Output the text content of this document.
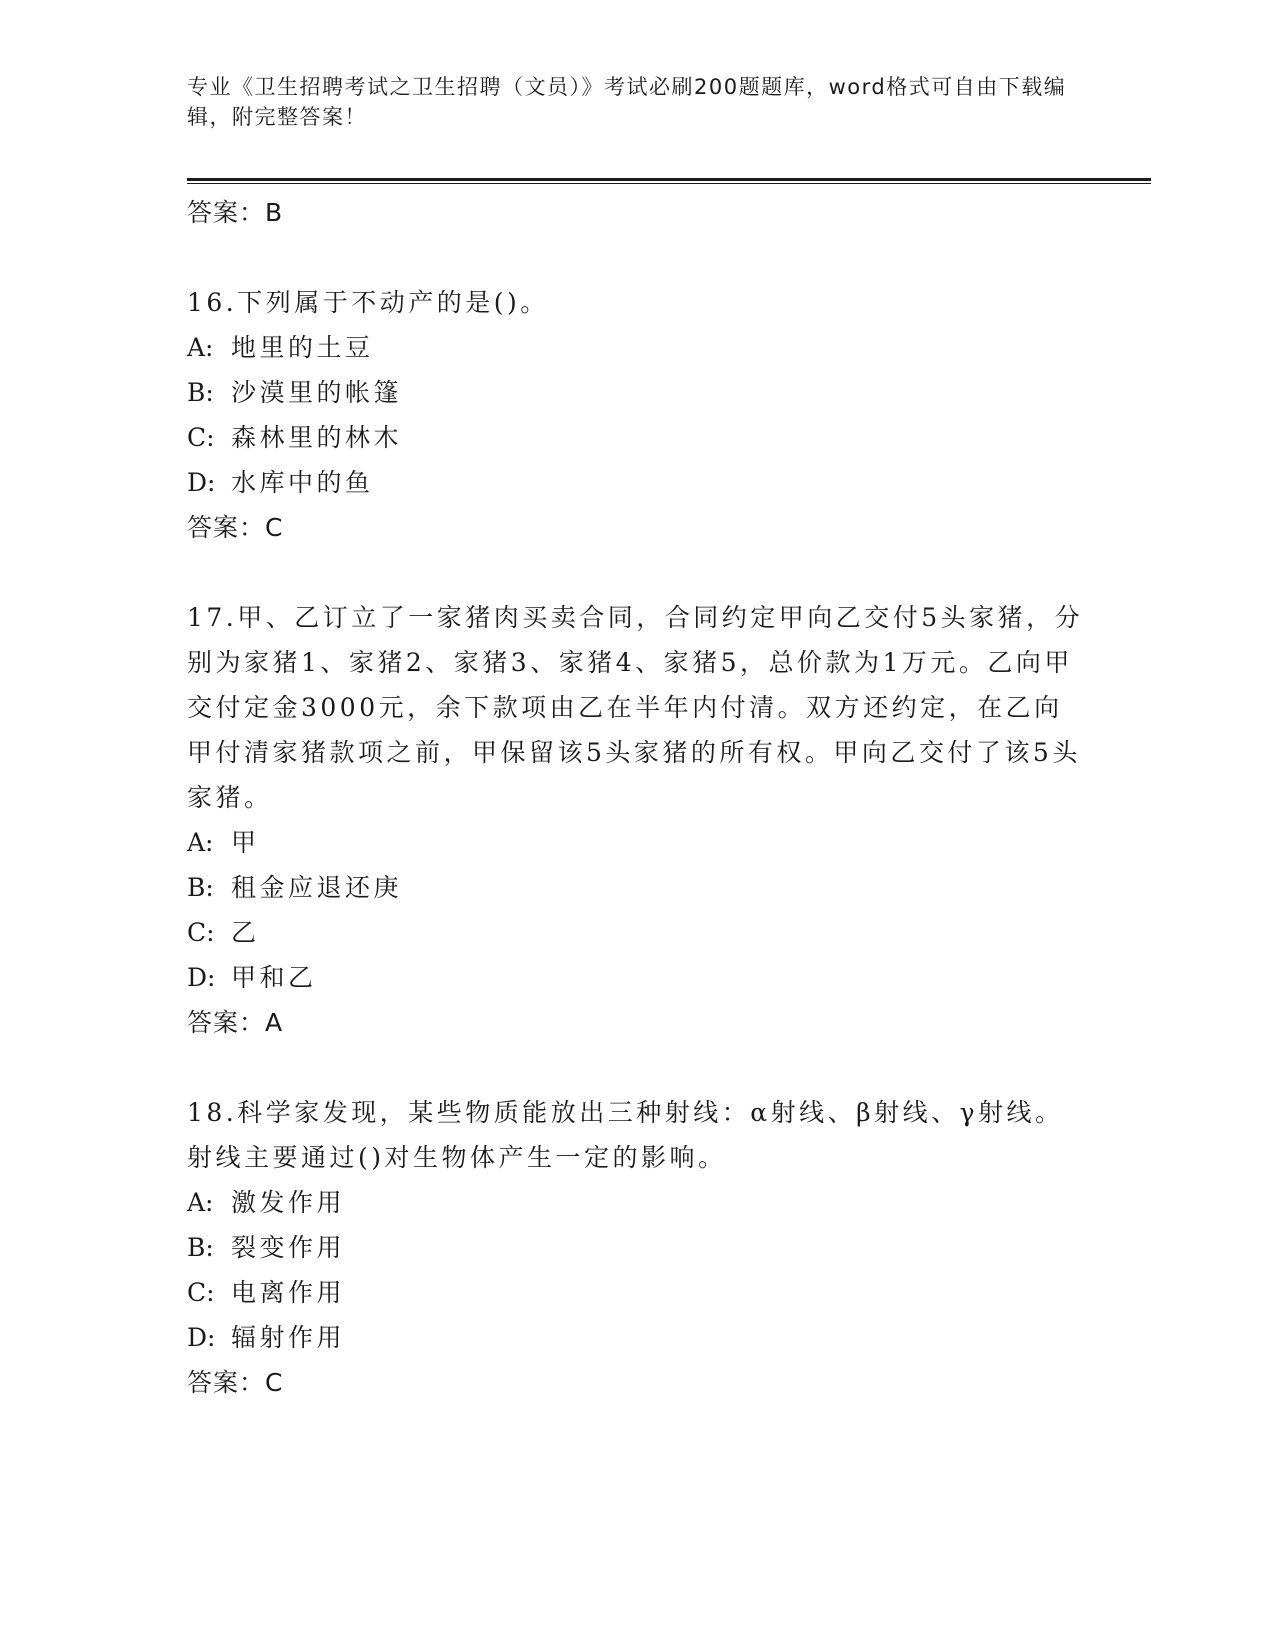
专业《卫生招聘考试之卫生招聘（文员）》考试必刷200题题库，word格式可自由下载编辑，附完整答案！
答案：B
16.下列属于不动产的是()。
A: 地里的土豆
B: 沙漠里的帐篷
C: 森林里的林木
D: 水库中的鱼
答案：C
17.甲、乙订立了一家猪肉买卖合同，合同约定甲向乙交付5头家猪，分别为家猪1、家猪2、家猪3、家猪4、家猪5，总价款为1万元。乙向甲交付定金3000元，余下款项由乙在半年内付清。双方还约定，在乙向甲付清家猪款项之前，甲保留该5头家猪的所有权。甲向乙交付了该5头家猪。
A: 甲
B: 租金应退还庚
C: 乙
D: 甲和乙
答案：A
18.科学家发现，某些物质能放出三种射线：α射线、β射线、γ射线。射线主要通过()对生物体产生一定的影响。
A: 激发作用
B: 裂变作用
C: 电离作用
D: 辐射作用
答案：C
